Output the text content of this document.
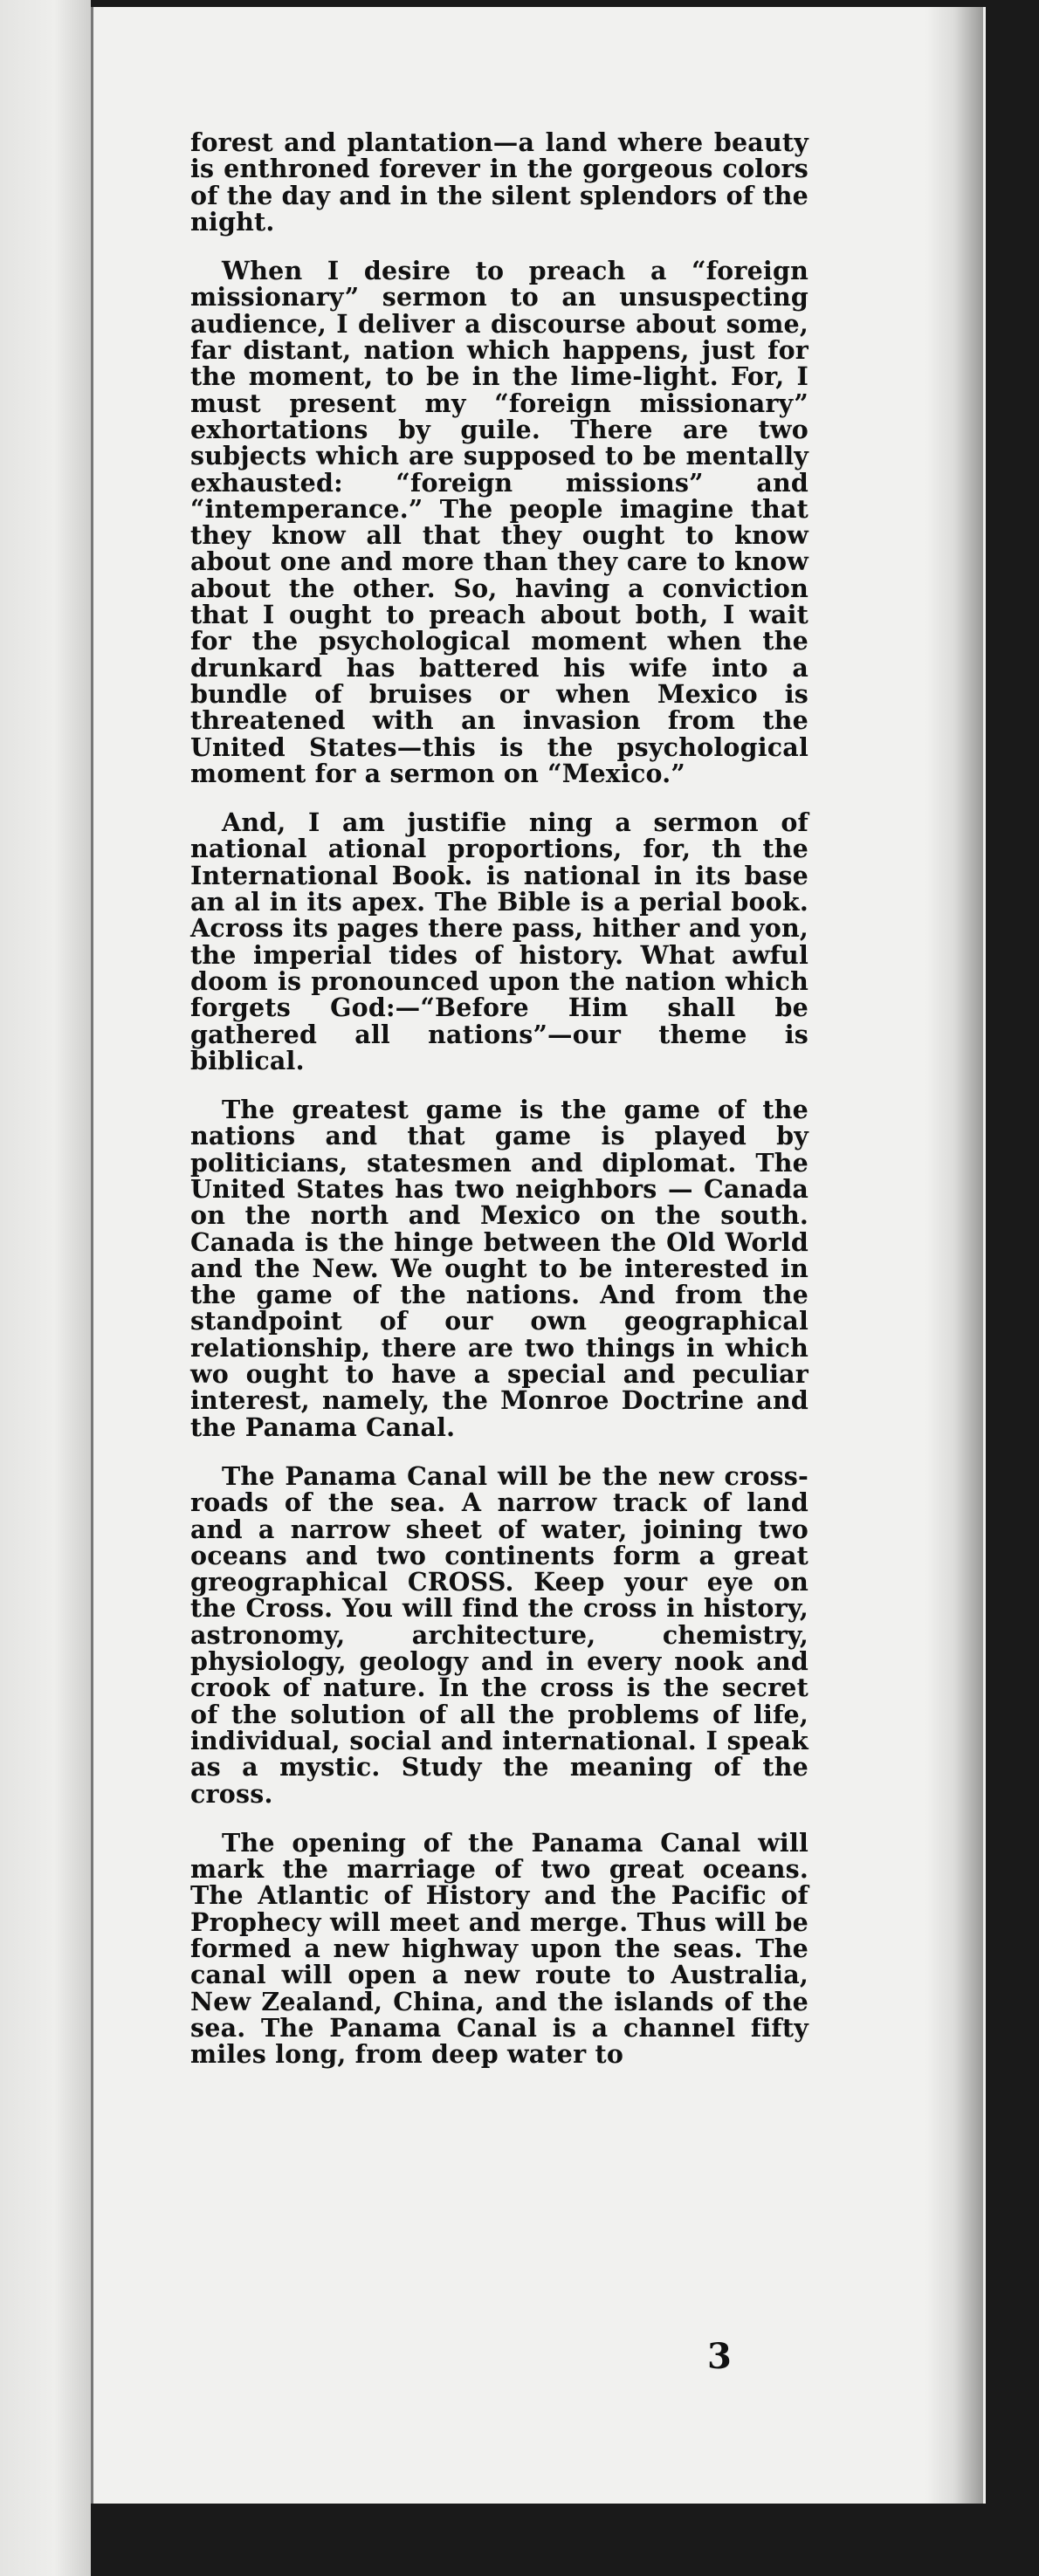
forest and plantation—a land where beauty is enthroned forever in the gorgeous colors of the day and in the silent splendors of the night.

When I desire to preach a “foreign missionary” sermon to an unsuspecting audience, I deliver a discourse about some, far distant, nation which happens, just for the moment, to be in the lime-light. For, I must present my “foreign missionary” exhortations by guile. There are two subjects which are supposed to be mentally exhausted: “foreign missions” and “intemperance.” The people imagine that they know all that they ought to know about one and more than they care to know about the other. So, having a conviction that I ought to preach about both, I wait for the psychological moment when the drunkard has battered his wife into a bundle of bruises or when Mexico is threatened with an invasion from the United States—this is the psychological moment for a sermon on “Mexico.”

And, I am justifie ning a sermon of national ational proportions, for, th the International Book. is national in its base an al in its apex. The Bible is a perial book. Across its pages there pass, hither and yon, the imperial tides of history. What awful doom is pronounced upon the nation which forgets God:—“Before Him shall be gathered all nations”—our theme is biblical.

The greatest game is the game of the nations and that game is played by politicians, statesmen and diplomat. The United States has two neighbors — Canada on the north and Mexico on the south. Canada is the hinge between the Old World and the New. We ought to be interested in the game of the nations. And from the standpoint of our own geographical relationship, there are two things in which wo ought to have a special and peculiar interest, namely, the Monroe Doctrine and the Panama Canal.

The Panama Canal will be the new cross-roads of the sea. A narrow track of land and a narrow sheet of water, joining two oceans and two continents form a great greographical CROSS. Keep your eye on the Cross. You will find the cross in history, astronomy, architecture, chemistry, physiology, geology and in every nook and crook of nature. In the cross is the secret of the solution of all the problems of life, individual, social and international. I speak as a mystic. Study the meaning of the cross.

The opening of the Panama Canal will mark the marriage of two great oceans. The Atlantic of History and the Pacific of Prophecy will meet and merge. Thus will be formed a new highway upon the seas. The canal will open a new route to Australia, New Zealand, China, and the islands of the sea. The Panama Canal is a channel fifty miles long, from deep water to

3
